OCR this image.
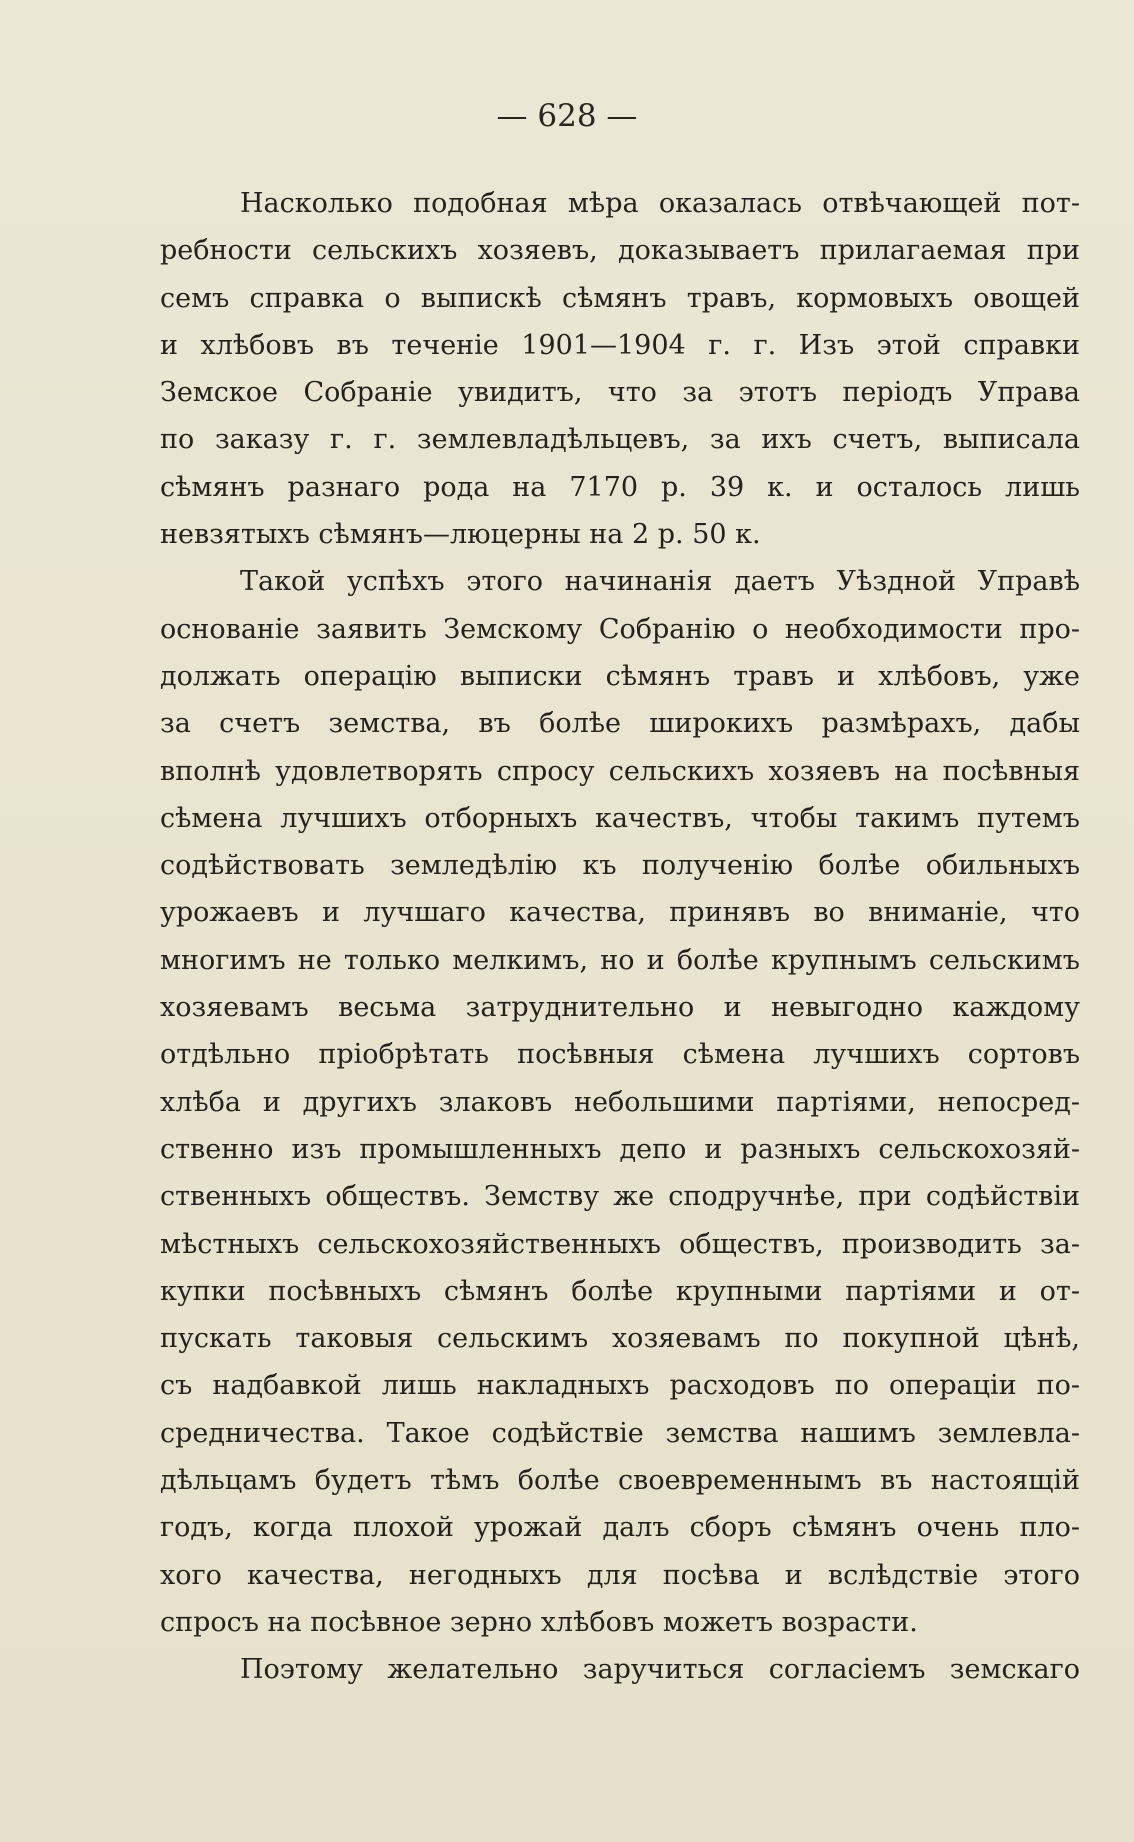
— 628 —
Насколько подобная мѣра оказалась отвѣчающей пот-
ребности сельскихъ хозяевъ, доказываетъ прилагаемая при
семъ справка о выпискѣ сѣмянъ травъ, кормовыхъ овощей
и хлѣбовъ въ теченіе 1901—1904 г. г. Изъ этой справки
Земское Собраніе увидитъ, что за этотъ періодъ Управа
по заказу г. г. землевладѣльцевъ, за ихъ счетъ, выписала
сѣмянъ разнаго рода на 7170 р. 39 к. и осталось лишь
невзятыхъ сѣмянъ—люцерны на 2 р. 50 к.
Такой успѣхъ этого начинанія даетъ Уѣздной Управѣ
основаніе заявить Земскому Собранію о необходимости про-
должать операцію выписки сѣмянъ травъ и хлѣбовъ, уже
за счетъ земства, въ болѣе широкихъ размѣрахъ, дабы
вполнѣ удовлетворять спросу сельскихъ хозяевъ на посѣвныя
сѣмена лучшихъ отборныхъ качествъ, чтобы такимъ путемъ
содѣйствовать земледѣлію къ полученію болѣе обильныхъ
урожаевъ и лучшаго качества, принявъ во вниманіе, что
многимъ не только мелкимъ, но и болѣе крупнымъ сельскимъ
хозяевамъ весьма затруднительно и невыгодно каждому
отдѣльно пріобрѣтать посѣвныя сѣмена лучшихъ сортовъ
хлѣба и другихъ злаковъ небольшими партіями, непосред-
ственно изъ промышленныхъ депо и разныхъ сельскохозяй-
ственныхъ обществъ. Земству же сподручнѣе, при содѣйствіи
мѣстныхъ сельскохозяйственныхъ обществъ, производить за-
купки посѣвныхъ сѣмянъ болѣе крупными партіями и от-
пускать таковыя сельскимъ хозяевамъ по покупной цѣнѣ,
съ надбавкой лишь накладныхъ расходовъ по операціи по-
средничества. Такое содѣйствіе земства нашимъ землевла-
дѣльцамъ будетъ тѣмъ болѣе своевременнымъ въ настоящій
годъ, когда плохой урожай далъ сборъ сѣмянъ очень пло-
хого качества, негодныхъ для посѣва и вслѣдствіе этого
спросъ на посѣвное зерно хлѣбовъ можетъ возрасти.
Поэтому желательно заручиться согласіемъ земскаго
